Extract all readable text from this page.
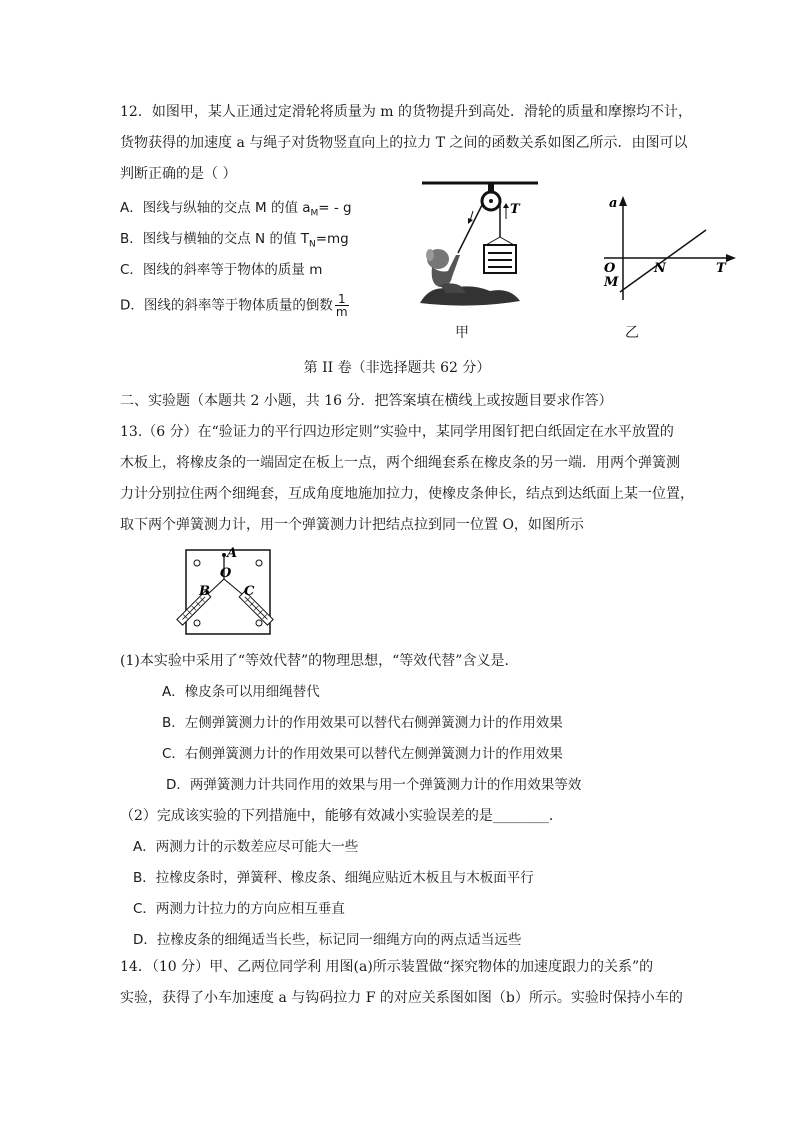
12．如图甲，某人正通过定滑轮将质量为 m 的货物提升到高处．滑轮的质量和摩擦均不计，
货物获得的加速度 a 与绳子对货物竖直向上的拉力 T 之间的函数关系如图乙所示．由图可以
判断正确的是（ ）
A．图线与纵轴的交点 M 的值 $a_M= - g$
B．图线与横轴的交点 N 的值 $T_N=mg$
C．图线的斜率等于物体的质量 m
D．图线的斜率等于物体质量的倒数 $\frac{1}{m}$
T
甲
a
O	N	T
M
乙
第 II 卷（非选择题共 62 分）
二、实验题（本题共 2 小题，共 16 分．把答案填在横线上或按题目要求作答）
13.（6 分）在“验证力的平行四边形定则”实验中，某同学用图钉把白纸固定在水平放置的
木板上，将橡皮条的一端固定在板上一点，两个细绳套系在橡皮条的另一端．用两个弹簧测
力计分别拉住两个细绳套，互成角度地施加拉力，使橡皮条伸长，结点到达纸面上某一位置，
取下两个弹簧测力计，用一个弹簧测力计把结点拉到同一位置 O，如图所示
A
O
B	C
(1)本实验中采用了“等效代替”的物理思想，“等效代替”含义是.
A．橡皮条可以用细绳替代
B．左侧弹簧测力计的作用效果可以替代右侧弹簧测力计的作用效果
C．右侧弹簧测力计的作用效果可以替代左侧弹簧测力计的作用效果
D．两弹簧测力计共同作用的效果与用一个弹簧测力计的作用效果等效
（2）完成该实验的下列措施中，能够有效减小实验误差的是________．
A．两测力计的示数差应尽可能大一些
B．拉橡皮条时，弹簧秤、橡皮条、细绳应贴近木板且与木板面平行
C．两测力计拉力的方向应相互垂直
D．拉橡皮条的细绳适当长些，标记同一细绳方向的两点适当远些
14．（10 分）甲、乙两位同学利 用图(a)所示装置做“探究物体的加速度跟力的关系”的
实验，获得了小车加速度 a 与钩码拉力 F 的对应关系图如图（b）所示。实验时保持小车的
